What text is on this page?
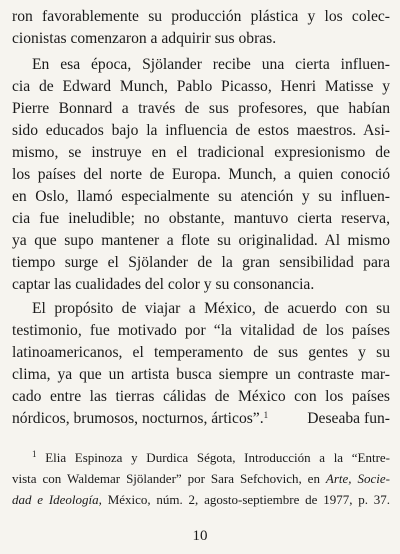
ron favorablemente su producción plástica y los colec-
cionistas comenzaron a adquirir sus obras.
En esa época, Sjölander recibe una cierta influen-
cia de Edward Munch, Pablo Picasso, Henri Matisse y
Pierre Bonnard a través de sus profesores, que habían
sido educados bajo la influencia de estos maestros. Asi-
mismo, se instruye en el tradicional expresionismo de
los países del norte de Europa. Munch, a quien conoció
en Oslo, llamó especialmente su atención y su influen-
cia fue ineludible; no obstante, mantuvo cierta reserva,
ya que supo mantener a flote su originalidad. Al mismo
tiempo surge el Sjölander de la gran sensibilidad para
captar las cualidades del color y su consonancia.
El propósito de viajar a México, de acuerdo con su
testimonio, fue motivado por “la vitalidad de los países
latinoamericanos, el temperamento de sus gentes y su
clima, ya que un artista busca siempre un contraste mar-
cado entre las tierras cálidas de México con los países
nórdicos, brumosos, nocturnos, árticos”.$^1$	Deseaba fun-
$^1$ Elia Espinoza y Durdica Ségota, Introducción a la “Entre-
vista con Waldemar Sjölander” por Sara Sefchovich, en Arte, Socie-
dad e Ideología, México, núm. 2, agosto-septiembre de 1977, p. 37.
10
